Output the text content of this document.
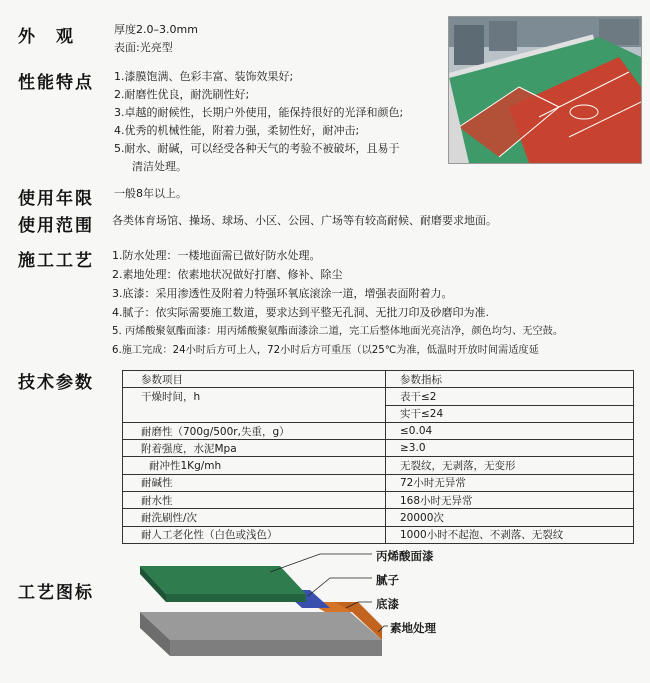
外　观	厚度2.0–3.0mm
表面:光亮型
性能特点 1.漆膜饱满、色彩丰富、装饰效果好;
2.耐磨性优良，耐洗刷性好;
3.卓越的耐候性，长期户外使用，能保持很好的光泽和颜色;
4.优秀的机械性能，附着力强，柔韧性好，耐冲击;
5.耐水、耐碱，可以经受各种天气的考验不被破坏，且易于
清洁处理。
使用年限 一般8年以上。
使用范围 各类体育场馆、操场、球场、小区、公园、广场等有较高耐候、耐磨要求地面。
施工工艺 1.防水处理：一楼地面需已做好防水处理。
2.素地处理：依素地状况做好打磨、修补、除尘
3.底漆：采用渗透性及附着力特强环氧底滚涂一道，增强表面附着力。
4.腻子：依实际需要施工数道，要求达到平整无孔洞、无批刀印及砂磨印为准.
5. 丙烯酸聚氨酯面漆：用丙烯酸聚氨酯面漆涂二道，完工后整体地面光亮洁净，颜色均匀、无空鼓。
6.施工完成：24小时后方可上人，72小时后方可重压（以25℃为准，低温时开放时间需适度延
技术参数	参数项目	参数指标
干燥时间，h	表干≤2
	实干≤24
耐磨性（700g/500r,失重，g）	≤0.04
附着强度，水泥Mpa	≥3.0
耐冲性1Kg/mh	无裂纹，无剥落，无变形
耐碱性	72小时无异常
耐水性	168小时无异常
耐洗刷性/次	20000次
耐人工老化性（白色或浅色）	1000小时不起泡、不剥落、无裂纹
工艺图标
丙烯酸面漆
腻子
底漆
素地处理
